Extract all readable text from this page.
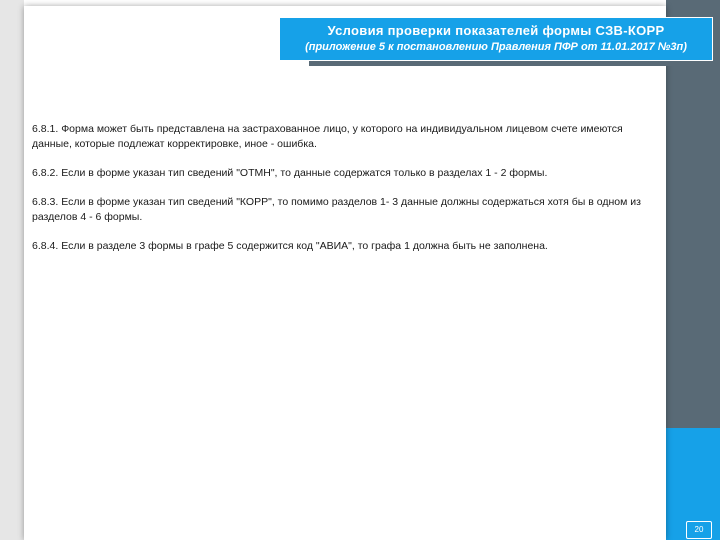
Условия проверки показателей формы СЗВ-КОРР
(приложение 5 к постановлению Правления ПФР от 11.01.2017 №3п)

6.8.1. Форма может быть представлена на застрахованное лицо, у которого на индивидуальном лицевом счете имеются данные, которые подлежат корректировке, иное - ошибка.

6.8.2. Если в форме указан тип сведений "ОТМН", то данные содержатся только в разделах 1 - 2 формы.

6.8.3. Если в форме указан тип сведений "КОРР", то помимо разделов 1- 3 данные должны содержаться хотя бы в одном из разделов 4 - 6 формы.

6.8.4. Если в разделе 3 формы в графе 5 содержится код "АВИА", то графа 1 должна быть не заполнена.

20
